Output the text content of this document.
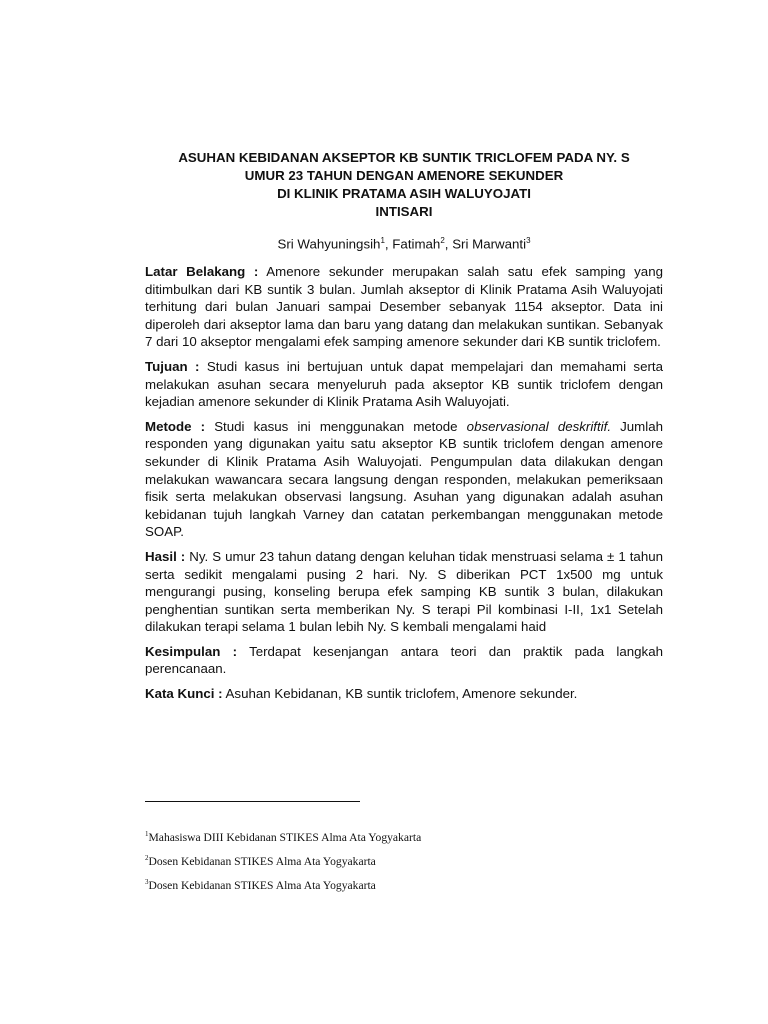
ASUHAN KEBIDANAN AKSEPTOR KB SUNTIK TRICLOFEM PADA NY. S
UMUR 23 TAHUN DENGAN AMENORE SEKUNDER
DI KLINIK PRATAMA ASIH WALUYOJATI
INTISARI
Sri Wahyuningsih$^1$, Fatimah$^2$, Sri Marwanti$^3$

Latar Belakang : Amenore sekunder merupakan salah satu efek samping yang ditimbulkan dari KB suntik 3 bulan. Jumlah akseptor di Klinik Pratama Asih Waluyojati terhitung dari bulan Januari sampai Desember sebanyak 1154 akseptor. Data ini diperoleh dari akseptor lama dan baru yang datang dan melakukan suntikan. Sebanyak 7 dari 10 akseptor mengalami efek samping amenore sekunder dari KB suntik triclofem.

Tujuan : Studi kasus ini bertujuan untuk dapat mempelajari dan memahami serta melakukan asuhan secara menyeluruh pada akseptor KB suntik triclofem dengan kejadian amenore sekunder di Klinik Pratama Asih Waluyojati.

Metode : Studi kasus ini menggunakan metode observasional deskriftif. Jumlah responden yang digunakan yaitu satu akseptor KB suntik triclofem dengan amenore sekunder di Klinik Pratama Asih Waluyojati. Pengumpulan data dilakukan dengan melakukan wawancara secara langsung dengan responden, melakukan pemeriksaan fisik serta melakukan observasi langsung. Asuhan yang digunakan adalah asuhan kebidanan tujuh langkah Varney dan catatan perkembangan menggunakan metode SOAP.

Hasil : Ny. S umur 23 tahun datang dengan keluhan tidak menstruasi selama ± 1 tahun serta sedikit mengalami pusing 2 hari. Ny. S diberikan PCT 1x500 mg untuk mengurangi pusing, konseling berupa efek samping KB suntik 3 bulan, dilakukan penghentian suntikan serta memberikan Ny. S terapi Pil kombinasi I-II, 1x1 Setelah dilakukan terapi selama 1 bulan lebih Ny. S kembali mengalami haid

Kesimpulan : Terdapat kesenjangan antara teori dan praktik pada langkah perencanaan.

Kata Kunci : Asuhan Kebidanan, KB suntik triclofem, Amenore sekunder.

$^1$Mahasiswa DIII Kebidanan STIKES Alma Ata Yogyakarta
$^2$Dosen Kebidanan STIKES Alma Ata Yogyakarta
$^3$Dosen Kebidanan STIKES Alma Ata Yogyakarta
